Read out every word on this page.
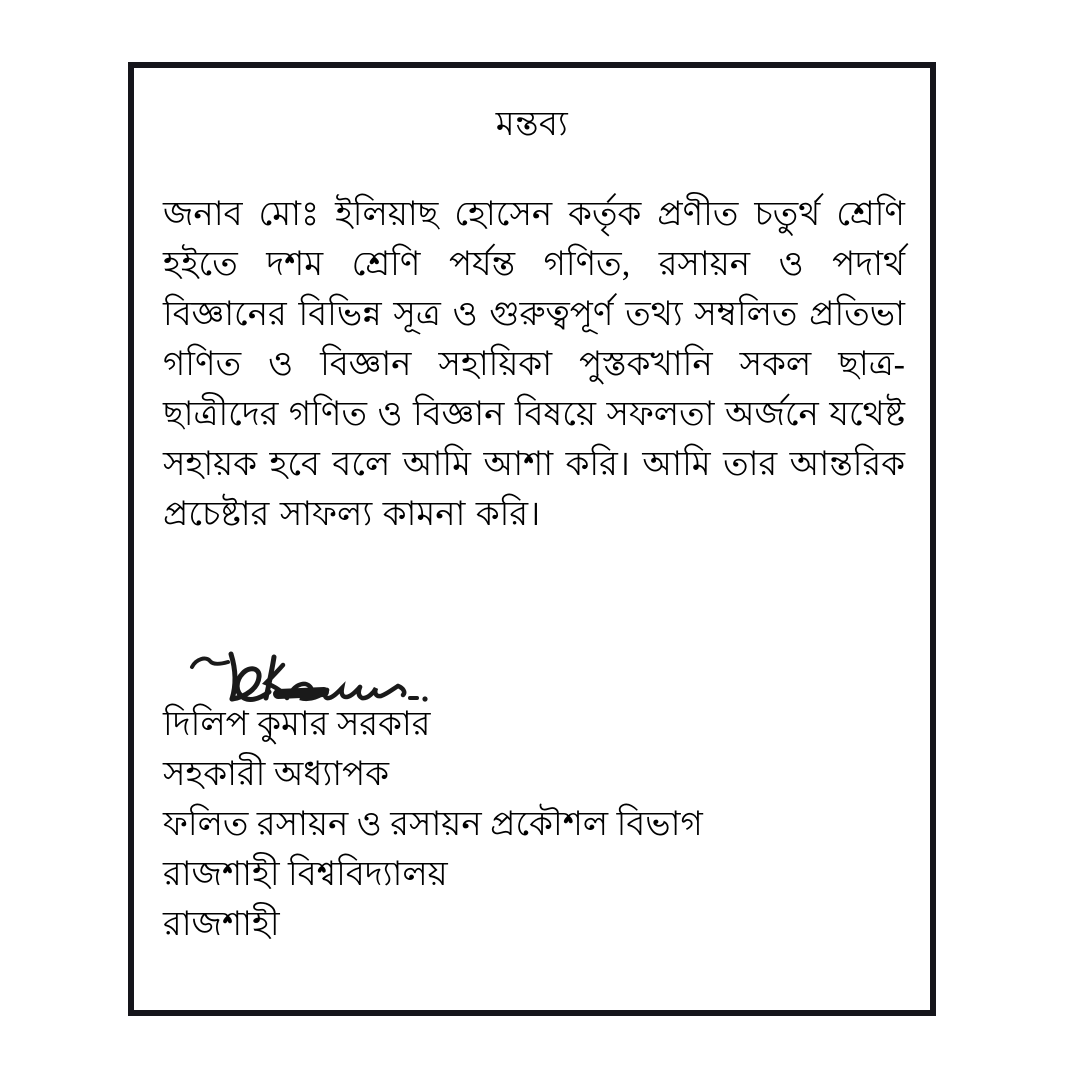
মন্তব্য
জনাব মোঃ ইলিয়াছ হোসেন কর্তৃক প্রণীত চতুর্থ শ্রেণি হইতে দশম শ্রেণি পর্যন্ত গণিত, রসায়ন ও পদার্থ বিজ্ঞানের বিভিন্ন সূত্র ও গুরুত্বপূর্ণ তথ্য সম্বলিত প্রতিভা গণিত ও বিজ্ঞান সহায়িকা পুস্তকখানি সকল ছাত্র-ছাত্রীদের গণিত ও বিজ্ঞান বিষয়ে সফলতা অর্জনে যথেষ্ট সহায়ক হবে বলে আমি আশা করি। আমি তার আন্তরিক প্রচেষ্টার সাফল্য কামনা করি।
দিলিপ কুমার সরকার
সহকারী অধ্যাপক
ফলিত রসায়ন ও রসায়ন প্রকৌশল বিভাগ
রাজশাহী বিশ্ববিদ্যালয়
রাজশাহী
